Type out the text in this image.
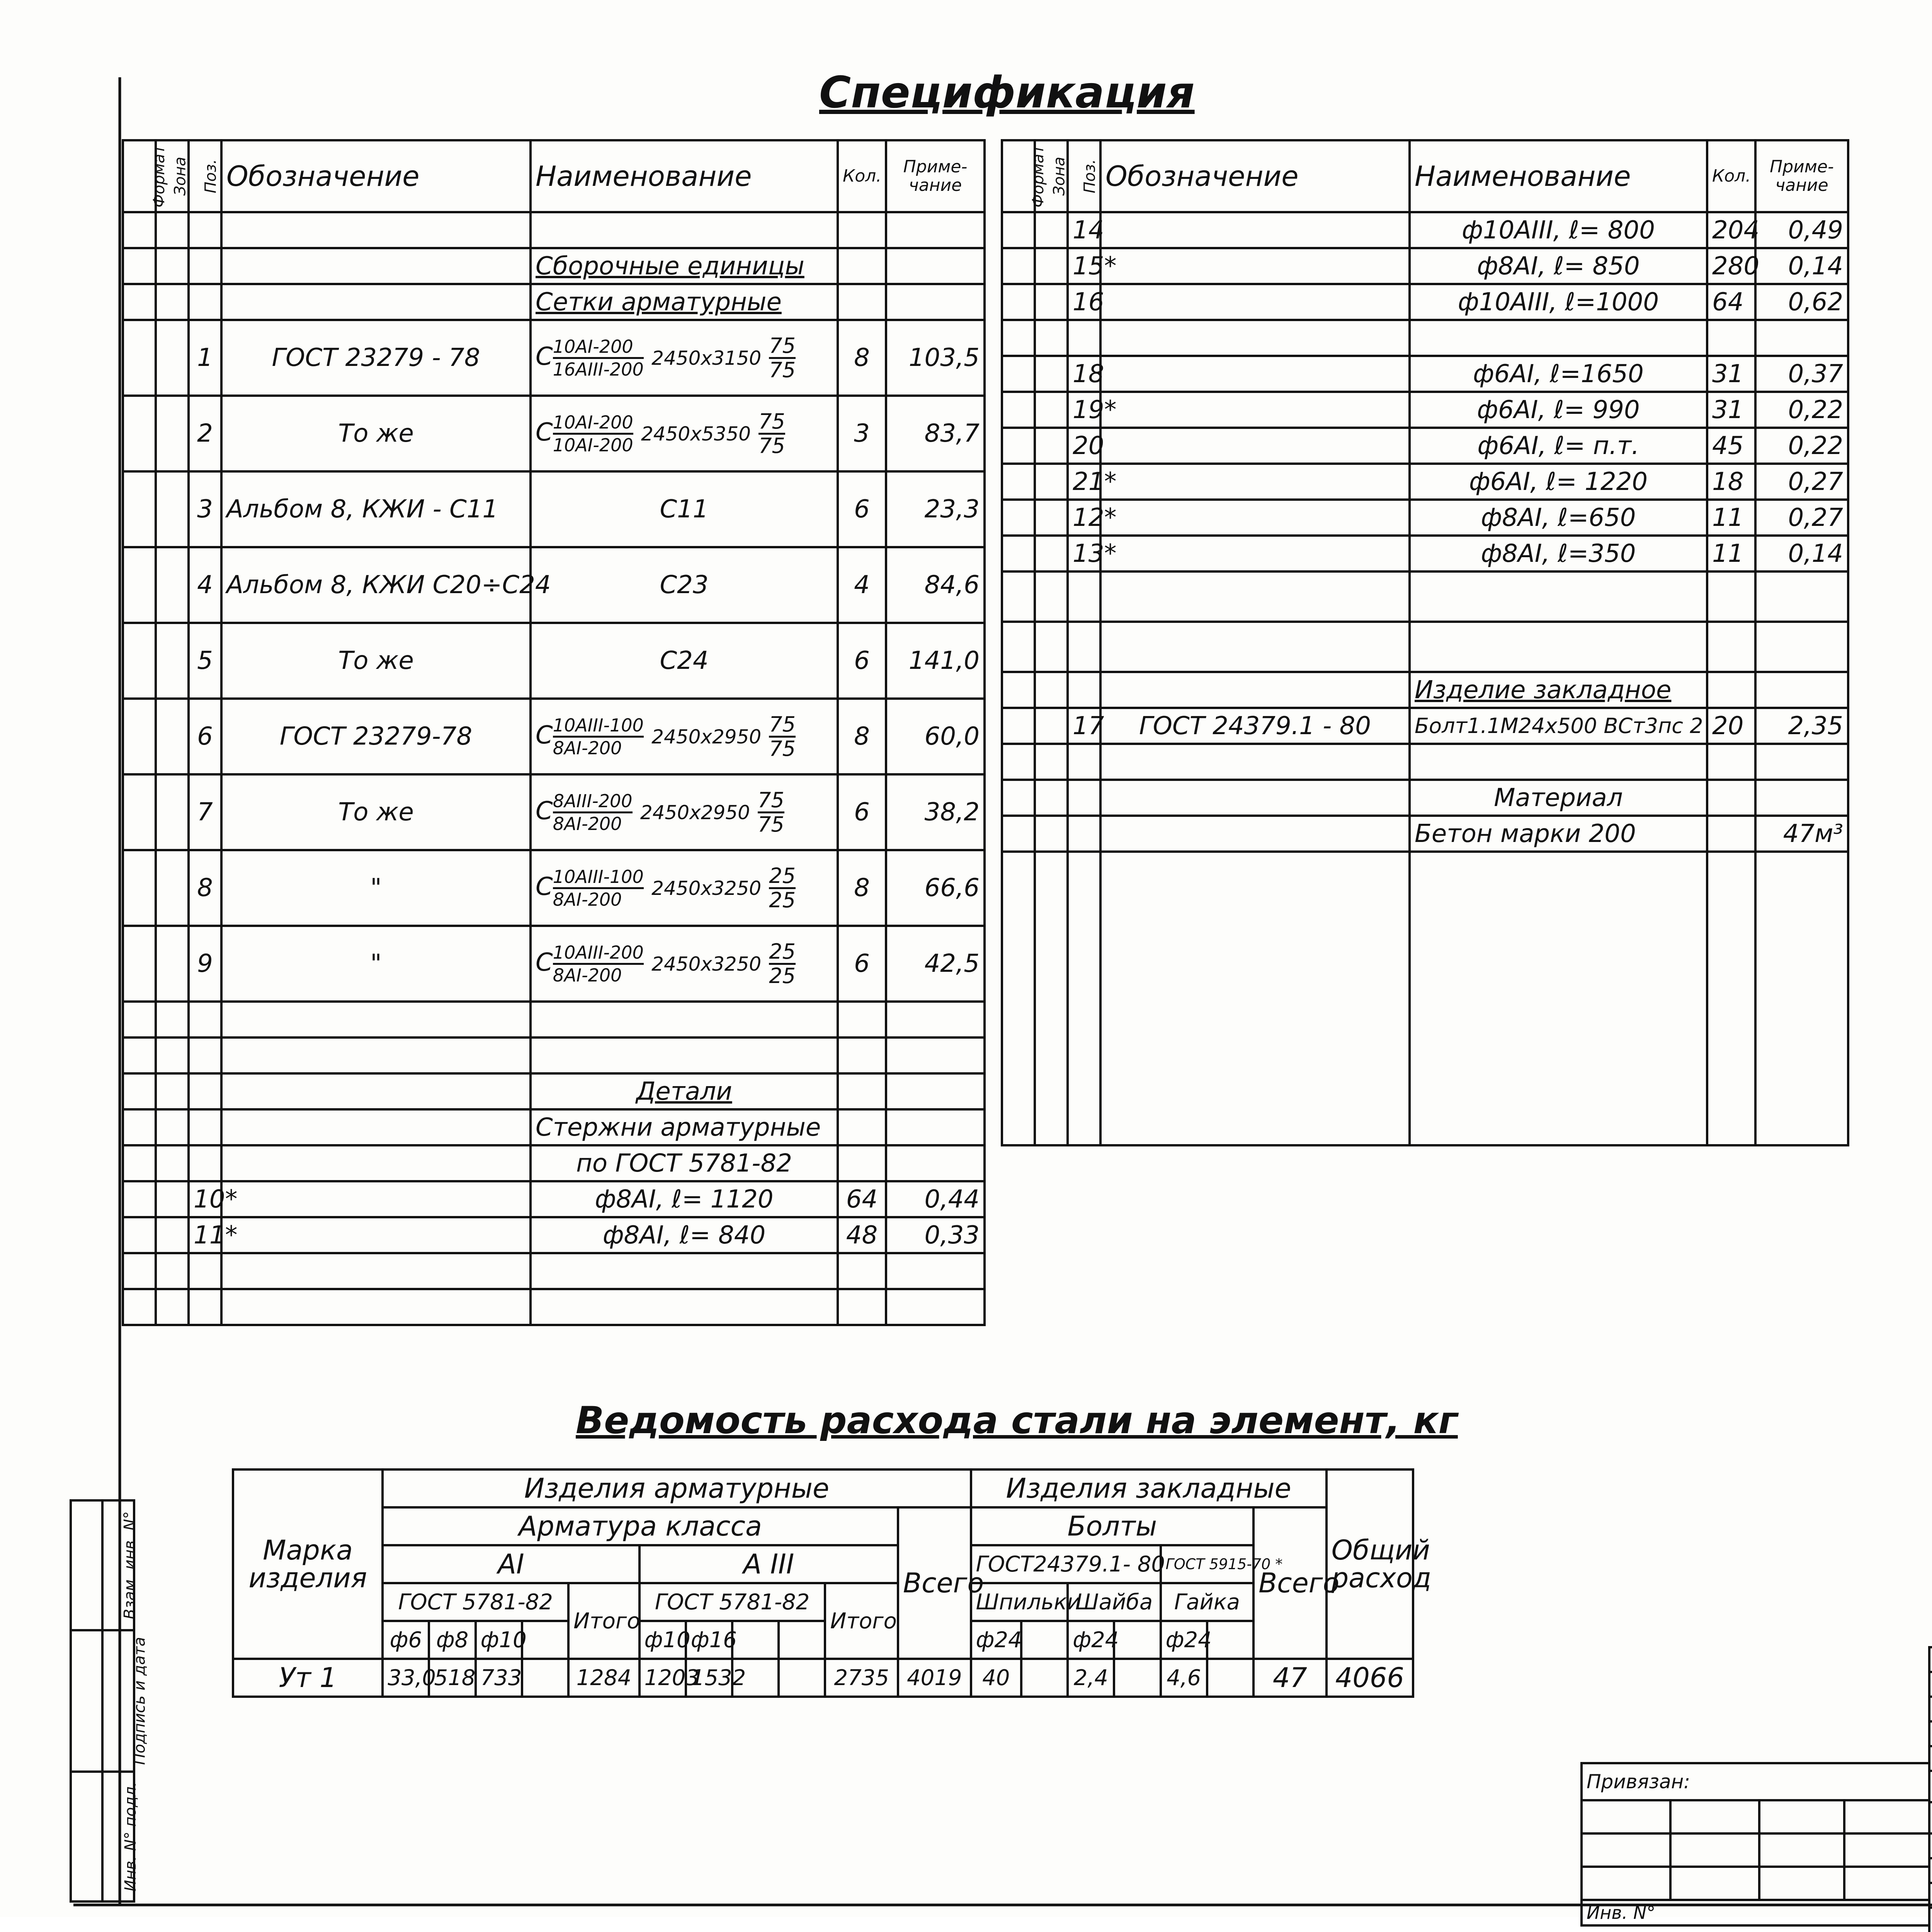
Взам. инв. N°	
Подпись и дата	
Инв. N° подл.	
Спецификация
Формат	Зона	Поз.	Обозначение	Наименование	Кол.	Приме-чание

				Сборочные единицы		
				Сетки арматурные		
		1	ГОСТ 23279 - 78	C $\frac{10АI-200}{\text{16АIII-200}} 2450x3150 \frac{75}{75}$	8	103,5
		2	То же	C $\frac{10АI-200}{10АI-200} 2450x5350 \frac{75}{75}$	3	83,7
		3	Альбом 8, КЖИ - С11	С11	6	23,3
		4	Альбом 8, КЖИ С20÷С24	С23	4	84,6
		5	То же	С24	6	141,0
		6	ГОСТ 23279-78	C $\frac{\text{10АIII-100}}{8АI-200} 2450x2950 \frac{75}{75}$	8	60,0
		7	То же	C $\frac{\text{8АIII-200}}{8АI-200} 2450x2950 \frac{75}{75}$	6	38,2
		8	"	C $\frac{\text{10АIII-100}}{8АI-200} 2450x3250 \frac{25}{25}$	8	66,6
		9	"	C $\frac{\text{10АIII-200}}{8АI-200} 2450x3250 \frac{25}{25}$	6	42,5

				Детали		
				Стержни арматурные		
				по ГОСТ 5781-82		
		10*		ф8АI, ℓ= 1120	64	0,44
		11*		ф8АI, ℓ= 840	48	0,33

Формат	Зона	Поз.	Обозначение	Наименование	Кол.	Приме-чание
		14		ф10АIII, ℓ= 800	204	0,49
		15*		ф8АI, ℓ= 850	280	0,14
		16		ф10АIII, ℓ=1000	64	0,62

		18		ф6АI, ℓ=1650	31	0,37
		19*		ф6АI, ℓ= 990	31	0,22
		20		ф6АI, ℓ= п.т.	45	0,22
		21*		ф6АI, ℓ= 1220	18	0,27
		12*		ф8АI, ℓ=650	11	0,27
		13*		ф8АI, ℓ=350	11	0,14

				Изделие закладное		
		17	ГОСТ 24379.1 - 80	Болт1.1М24х500 ВСт3пс 2	20	2,35

				Материал		
				Бетон марки 200		47м³

Ведомость расхода стали на элемент, кг
Марка изделия	Изделия арматурные											Изделия закладные							Общий расход
	Арматура класса										Всего	Болты						Всего	
	АI					А III						ГОСТ24379.1- 80				ГОСТ 5915-70 *			
	ГОСТ 5781-82				Итого	ГОСТ 5781-82				Итого		Шпильки		Шайба		Гайка			
	ф6	ф8	ф10			ф10	ф16					ф24		ф24		ф24			

Ут 1	33,0	518	733		1284	1203	1532			2735	4019	40		2,4		4,6		47	4066
Привязан:			

Инв. N°			
